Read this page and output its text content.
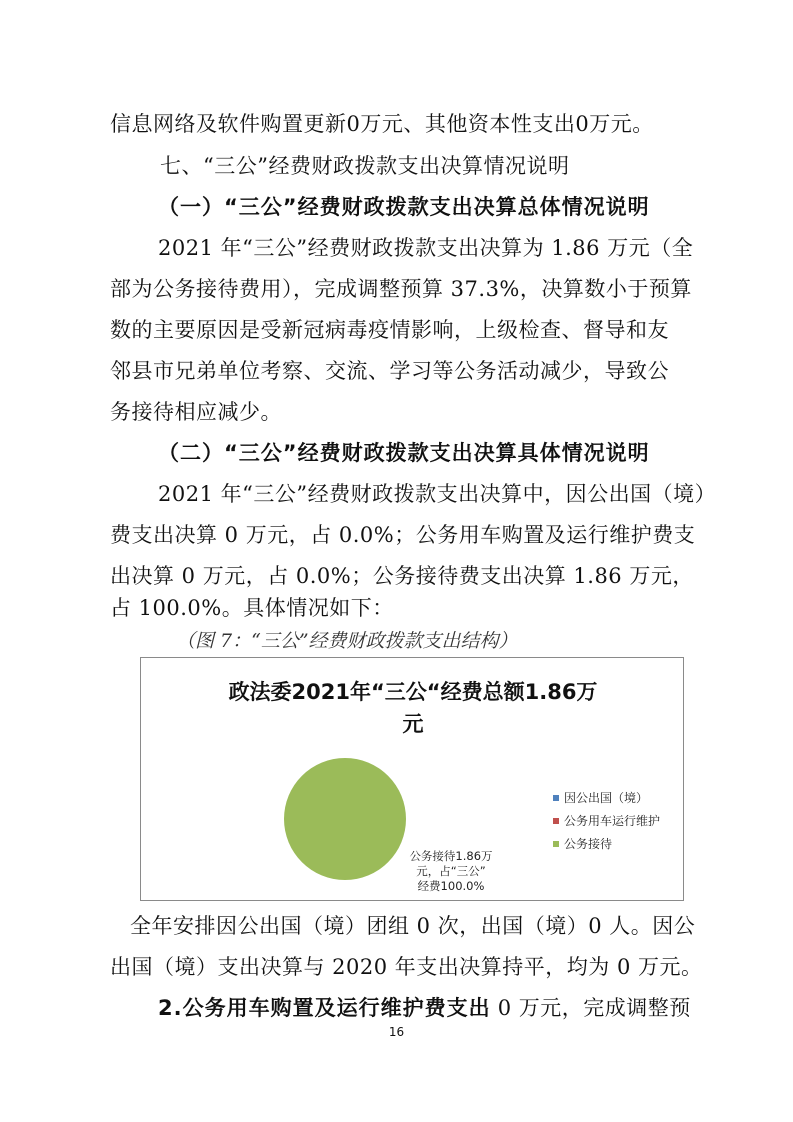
信息网络及软件购置更新0万元、其他资本性支出0万元。
七、“三公”经费财政拨款支出决算情况说明
（一）“三公”经费财政拨款支出决算总体情况说明
2021 年“三公”经费财政拨款支出决算为 1.86 万元（全
部为公务接待费用），完成调整预算 37.3%，决算数小于预算
数的主要原因是受新冠病毒疫情影响，上级检查、督导和友
邻县市兄弟单位考察、交流、学习等公务活动减少，导致公
务接待相应减少。
（二）“三公”经费财政拨款支出决算具体情况说明
2021 年“三公”经费财政拨款支出决算中，因公出国（境）
费支出决算 0 万元，占 0.0%；公务用车购置及运行维护费支
出决算 0 万元，占 0.0%；公务接待费支出决算 1.86 万元，
占 100.0%。具体情况如下：
（图 7：“三公”经费财政拨款支出结构）
政法委2021年“三公“经费总额1.86万
元
公务接待1.86万
元，占“三公”
经费100.0%
因公出国（境）
公务用车运行维护
公务接待
全年安排因公出国（境）团组 0 次，出国（境）0 人。因公
出国（境）支出决算与 2020 年支出决算持平，均为 0 万元。
2.公务用车购置及运行维护费支出 0 万元，完成调整预
16
